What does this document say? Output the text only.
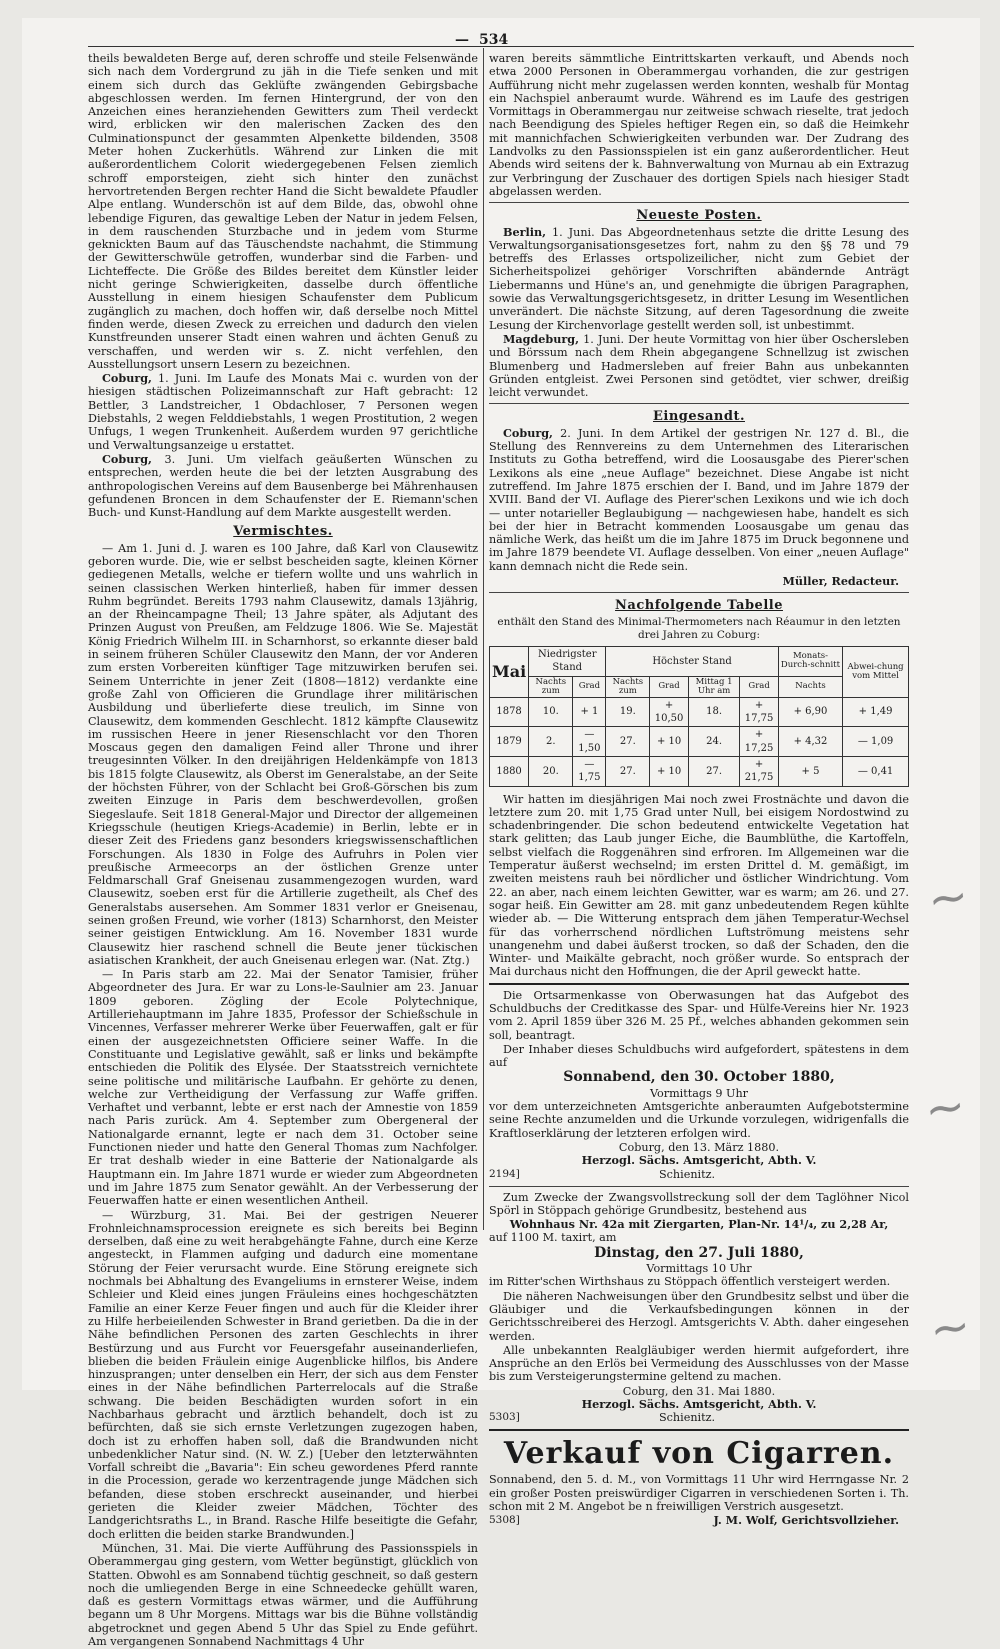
— 534

theils bewaldeten Berge auf, deren schroffe und steile Felsenwände sich nach dem Vordergrund zu jäh in die Tiefe senken und mit einem sich durch das Geklüfte zwängenden Gebirgsbache abgeschlossen werden. Im fernen Hintergrund, der von den Anzeichen eines heranziehenden Gewitters zum Theil verdeckt wird, erblicken wir den malerischen Zacken des den Culminationspunct der gesammten Alpenkette bildenden, 3508 Meter hohen Zuckerhütls. Während zur Linken die mit außerordentlichem Colorit wiedergegebenen Felsen ziemlich schroff emporsteigen, zieht sich hinter den zunächst hervortretenden Bergen rechter Hand die Sicht bewaldete Pfaudler Alpe entlang. Wunderschön ist auf dem Bilde, das, obwohl ohne lebendige Figuren, das gewaltige Leben der Natur in jedem Felsen, in dem rauschenden Sturzbache und in jedem vom Sturme geknickten Baum auf das Täuschendste nachahmt, die Stimmung der Gewitterschwüle getroffen, wunderbar sind die Farben- und Lichteffecte. Die Größe des Bildes bereitet dem Künstler leider nicht geringe Schwierigkeiten, dasselbe durch öffentliche Ausstellung in einem hiesigen Schaufenster dem Publicum zugänglich zu machen, doch hoffen wir, daß derselbe noch Mittel finden werde, diesen Zweck zu erreichen und dadurch den vielen Kunstfreunden unserer Stadt einen wahren und ächten Genuß zu verschaffen, und werden wir s. Z. nicht verfehlen, den Ausstellungsort unsern Lesern zu bezeichnen.

Coburg, 1. Juni. Im Laufe des Monats Mai c. wurden von der hiesigen städtischen Polizeimannschaft zur Haft gebracht: 12 Bettler, 3 Landstreicher, 1 Obdachloser, 7 Personen wegen Diebstahls, 2 wegen Felddiebstahls, 1 wegen Prostitution, 2 wegen Unfugs, 1 wegen Trunkenheit. Außerdem wurden 97 gerichtliche und Verwaltungsanzeige u erstattet.

Coburg, 3. Juni. Um vielfach geäußerten Wünschen zu entsprechen, werden heute die bei der letzten Ausgrabung des anthropologischen Vereins auf dem Bausenberge bei Mährenhausen gefundenen Broncen in dem Schaufenster der E. Riemann'schen Buch- und Kunst-Handlung auf dem Markte ausgestellt werden.

Vermischtes.

— Am 1. Juni d. J. waren es 100 Jahre, daß Karl von Clausewitz geboren wurde. Die, wie er selbst bescheiden sagte, kleinen Körner gediegenen Metalls, welche er tiefern wollte und uns wahrlich in seinen classischen Werken hinterließ, haben für immer dessen Ruhm begründet. Bereits 1793 nahm Clausewitz, damals 13jährig, an der Rheincampagne Theil; 13 Jahre später, als Adjutant des Prinzen August von Preußen, am Feldzuge 1806. Wie Se. Majestät König Friedrich Wilhelm III. in Scharnhorst, so erkannte dieser bald in seinem früheren Schüler Clausewitz den Mann, der vor Anderen zum ersten Vorbereiten künftiger Tage mitzuwirken berufen sei. Seinem Unterrichte in jener Zeit (1808—1812) verdankte eine große Zahl von Officieren die Grundlage ihrer militärischen Ausbildung und überlieferte diese treulich, im Sinne von Clausewitz, dem kommenden Geschlecht. 1812 kämpfte Clausewitz im russischen Heere in jener Riesenschlacht vor den Thoren Moscaus gegen den damaligen Feind aller Throne und ihrer treugesinnten Völker. In den dreijährigen Heldenkämpfe von 1813 bis 1815 folgte Clausewitz, als Oberst im Generalstabe, an der Seite der höchsten Führer, von der Schlacht bei Groß-Görschen bis zum zweiten Einzuge in Paris dem beschwerdevollen, großen Siegeslaufe. Seit 1818 General-Major und Director der allgemeinen Kriegsschule (heutigen Kriegs-Academie) in Berlin, lebte er in dieser Zeit des Friedens ganz besonders kriegswissenschaftlichen Forschungen. Als 1830 in Folge des Aufruhrs in Polen vier preußische Armeecorps an der östlichen Grenze unter Feldmarschall Graf Gneisenau zusammengezogen wurden, ward Clausewitz, soeben erst für die Artillerie zugetheilt, als Chef des Generalstabs ausersehen. Am Sommer 1831 verlor er Gneisenau, seinen großen Freund, wie vorher (1813) Scharnhorst, den Meister seiner geistigen Entwicklung. Am 16. November 1831 wurde Clausewitz hier raschend schnell die Beute jener tückischen asiatischen Krankheit, der auch Gneisenau erlegen war. (Nat. Ztg.)

— In Paris starb am 22. Mai der Senator Tamisier, früher Abgeordneter des Jura. Er war zu Lons-le-Saulnier am 23. Januar 1809 geboren. Zögling der Ecole Polytechnique, Artilleriehauptmann im Jahre 1835, Professor der Schießschule in Vincennes, Verfasser mehrerer Werke über Feuerwaffen, galt er für einen der ausgezeichnetsten Officiere seiner Waffe. In die Constituante und Legislative gewählt, saß er links und bekämpfte entschieden die Politik des Elysée. Der Staatsstreich vernichtete seine politische und militärische Laufbahn. Er gehörte zu denen, welche zur Vertheidigung der Verfassung zur Waffe griffen. Verhaftet und verbannt, lebte er erst nach der Amnestie von 1859 nach Paris zurück. Am 4. September zum Obergeneral der Nationalgarde ernannt, legte er nach dem 31. October seine Functionen nieder und hatte den General Thomas zum Nachfolger. Er trat deshalb wieder in eine Batterie der Nationalgarde als Hauptmann ein. Im Jahre 1871 wurde er wieder zum Abgeordneten und im Jahre 1875 zum Senator gewählt. An der Verbesserung der Feuerwaffen hatte er einen wesentlichen Antheil.

— Würzburg, 31. Mai. Bei der gestrigen Neuerer Frohnleichnamsprocession ereignete es sich bereits bei Beginn derselben, daß eine zu weit herabgehängte Fahne, durch eine Kerze angesteckt, in Flammen aufging und dadurch eine momentane Störung der Feier verursacht wurde. Eine Störung ereignete sich nochmals bei Abhaltung des Evangeliums in ernsterer Weise, indem Schleier und Kleid eines jungen Fräuleins eines hochgeschätzten Familie an einer Kerze Feuer fingen und auch für die Kleider ihrer zu Hilfe herbeieilenden Schwester in Brand gerietben. Da die in der Nähe befindlichen Personen des zarten Geschlechts in ihrer Bestürzung und aus Furcht vor Feuersgefahr auseinanderliefen, blieben die beiden Fräulein einige Augenblicke hilflos, bis Andere hinzusprangen; unter denselben ein Herr, der sich aus dem Fenster eines in der Nähe befindlichen Parterrelocals auf die Straße schwang. Die beiden Beschädigten wurden sofort in ein Nachbarhaus gebracht und ärztlich behandelt, doch ist zu befürchten, daß sie sich ernste Verletzungen zugezogen haben, doch ist zu erhoffen haben soll, daß die Brandwunden nicht unbedenklicher Natur sind. (N. W. Z.) [Ueber den letzterwähnten Vorfall schreibt die „Bavaria": Ein scheu gewordenes Pferd rannte in die Procession, gerade wo kerzentragende junge Mädchen sich befanden, diese stoben erschreckt auseinander, und hierbei gerieten die Kleider zweier Mädchen, Töchter des Landgerichtsraths L., in Brand. Rasche Hilfe beseitigte die Gefahr, doch erlitten die beiden starke Brandwunden.]

München, 31. Mai. Die vierte Aufführung des Passionsspiels in Oberammergau ging gestern, vom Wetter begünstigt, glücklich von Statten. Obwohl es am Sonnabend tüchtig geschneit, so daß gestern noch die umliegenden Berge in eine Schneedecke gehüllt waren, daß es gestern Vormittags etwas wärmer, und die Aufführung begann um 8 Uhr Morgens. Mittags war bis die Bühne vollständig abgetrocknet und gegen Abend 5 Uhr das Spiel zu Ende geführt. Am vergangenen Sonnabend Nachmittags 4 Uhr

waren bereits sämmtliche Eintrittskarten verkauft, und Abends noch etwa 2000 Personen in Oberammergau vorhanden, die zur gestrigen Aufführung nicht mehr zugelassen werden konnten, weshalb für Montag ein Nachspiel anberaumt wurde. Während es im Laufe des gestrigen Vormittags in Oberammergau nur zeitweise schwach rieselte, trat jedoch nach Beendigung des Spieles heftiger Regen ein, so daß die Heimkehr mit mannichfachen Schwierigkeiten verbunden war. Der Zudrang des Landvolks zu den Passionsspielen ist ein ganz außerordentlicher. Heut Abends wird seitens der k. Bahnverwaltung von Murnau ab ein Extrazug zur Verbringung der Zuschauer des dortigen Spiels nach hiesiger Stadt abgelassen werden.

Neueste Posten.

Berlin, 1. Juni. Das Abgeordnetenhaus setzte die dritte Lesung des Verwaltungsorganisationsgesetzes fort, nahm zu den §§ 78 und 79 betreffs des Erlasses ortspolizeilicher, nicht zum Gebiet der Sicherheitspolizei gehöriger Vorschriften abändernde Anträgt Liebermanns und Hüne's an, und genehmigte die übrigen Paragraphen, sowie das Verwaltungsgerichtsgesetz, in dritter Lesung im Wesentlichen unverändert. Die nächste Sitzung, auf deren Tagesordnung die zweite Lesung der Kirchenvorlage gestellt werden soll, ist unbestimmt.

Magdeburg, 1. Juni. Der heute Vormittag von hier über Oschersleben und Börssum nach dem Rhein abgegangene Schnellzug ist zwischen Blumenberg und Hadmersleben auf freier Bahn aus unbekannten Gründen entgleist. Zwei Personen sind getödtet, vier schwer, dreißig leicht verwundet.

Eingesandt.

Coburg, 2. Juni. In dem Artikel der gestrigen Nr. 127 d. Bl., die Stellung des Rennvereins zu dem Unternehmen des Literarischen Instituts zu Gotha betreffend, wird die Loosausgabe des Pierer'schen Lexikons als eine „neue Auflage" bezeichnet. Diese Angabe ist nicht zutreffend. Im Jahre 1875 erschien der I. Band, und im Jahre 1879 der XVIII. Band der VI. Auflage des Pierer'schen Lexikons und wie ich doch — unter notarieller Beglaubigung — nachgewiesen habe, handelt es sich bei der hier in Betracht kommenden Loosausgabe um genau das nämliche Werk, das heißt um die im Jahre 1875 im Druck begonnene und im Jahre 1879 beendete VI. Auflage desselben. Von einer „neuen Auflage" kann demnach nicht die Rede sein.

Müller, Redacteur.
Nachfolgende Tabelle

enthält den Stand des Minimal-Thermometers nach Réaumur in den letzten drei Jahren zu Coburg:

Mai	Niedrigster Stand		Höchster Stand				Monats-Durch-schnitt	Abwei-chung vom Mittel
	Nachts zum	Grad	Nachts zum	Grad	Mittag 1 Uhr am	Grad	Nachts	
1878	10.	+ 1	19.	+ 10,50	18.	+ 17,75	+ 6,90	+ 1,49
1879	2.	— 1,50	27.	+ 10	24.	+ 17,25	+ 4,32	— 1,09
1880	20.	— 1,75	27.	+ 10	27.	+ 21,75	+ 5	— 0,41

Wir hatten im diesjährigen Mai noch zwei Frostnächte und davon die letztere zum 20. mit 1,75 Grad unter Null, bei eisigem Nordostwind zu schadenbringender. Die schon bedeutend entwickelte Vegetation hat stark gelitten; das Laub junger Eiche, die Baumblüthe, die Kartoffeln, selbst vielfach die Roggenähren sind erfroren. Im Allgemeinen war die Temperatur äußerst wechselnd; im ersten Drittel d. M. gemäßigt, im zweiten meistens rauh bei nördlicher und östlicher Windrichtung. Vom 22. an aber, nach einem leichten Gewitter, war es warm; am 26. und 27. sogar heiß. Ein Gewitter am 28. mit ganz unbedeutendem Regen kühlte wieder ab. — Die Witterung entsprach dem jähen Temperatur-Wechsel für das vorherrschend nördlichen Luftströmung meistens sehr unangenehm und dabei äußerst trocken, so daß der Schaden, den die Winter- und Maikälte gebracht, noch größer wurde. So entsprach der Mai durchaus nicht den Hoffnungen, die der April geweckt hatte.

Die Ortsarmenkasse von Oberwasungen hat das Aufgebot des Schuldbuchs der Creditkasse des Spar- und Hülfe-Vereins hier Nr. 1923 vom 2. April 1859 über 326 M. 25 Pf., welches abhanden gekommen sein soll, beantragt.

Der Inhaber dieses Schuldbuchs wird aufgefordert, spätestens in dem auf

Sonnabend, den 30. October 1880,
Vormittags 9 Uhr

vor dem unterzeichneten Amtsgerichte anberaumten Aufgebotstermine seine Rechte anzumelden und die Urkunde vorzulegen, widrigenfalls die Kraftloserklärung der letzteren erfolgen wird.

Coburg, den 13. März 1880.
Herzogl. Sächs. Amtsgericht, Abth. V.
2194]	Schienitz.

Zum Zwecke der Zwangsvollstreckung soll der dem Taglöhner Nicol Spörl in Stöppach gehörige Grundbesitz, bestehend aus

Wohnhaus Nr. 42a mit Ziergarten, Plan-Nr. 14¹/₄, zu 2,28 Ar,

auf 1100 M. taxirt, am

Dinstag, den 27. Juli 1880,
Vormittags 10 Uhr

im Ritter'schen Wirthshaus zu Stöppach öffentlich versteigert werden.

Die näheren Nachweisungen über den Grundbesitz selbst und über die Gläubiger und die Verkaufsbedingungen können in der Gerichtsschreiberei des Herzogl. Amtsgerichts V. Abth. daher eingesehen werden.

Alle unbekannten Realgläubiger werden hiermit aufgefordert, ihre Ansprüche an den Erlös bei Vermeidung des Ausschlusses von der Masse bis zum Versteigerungstermine geltend zu machen.

Coburg, den 31. Mai 1880.
Herzogl. Sächs. Amtsgericht, Abth. V.
5303]	Schienitz.
Verkauf von Cigarren.

Sonnabend, den 5. d. M., von Vormittags 11 Uhr wird Herrngasse Nr. 2 ein großer Posten preiswürdiger Cigarren in verschiedenen Sorten i. Th. schon mit 2 M. Angebot be n freiwilligen Verstrich ausgesetzt.

5308]	J. M. Wolf, Gerichtsvollzieher.
~
~
~
